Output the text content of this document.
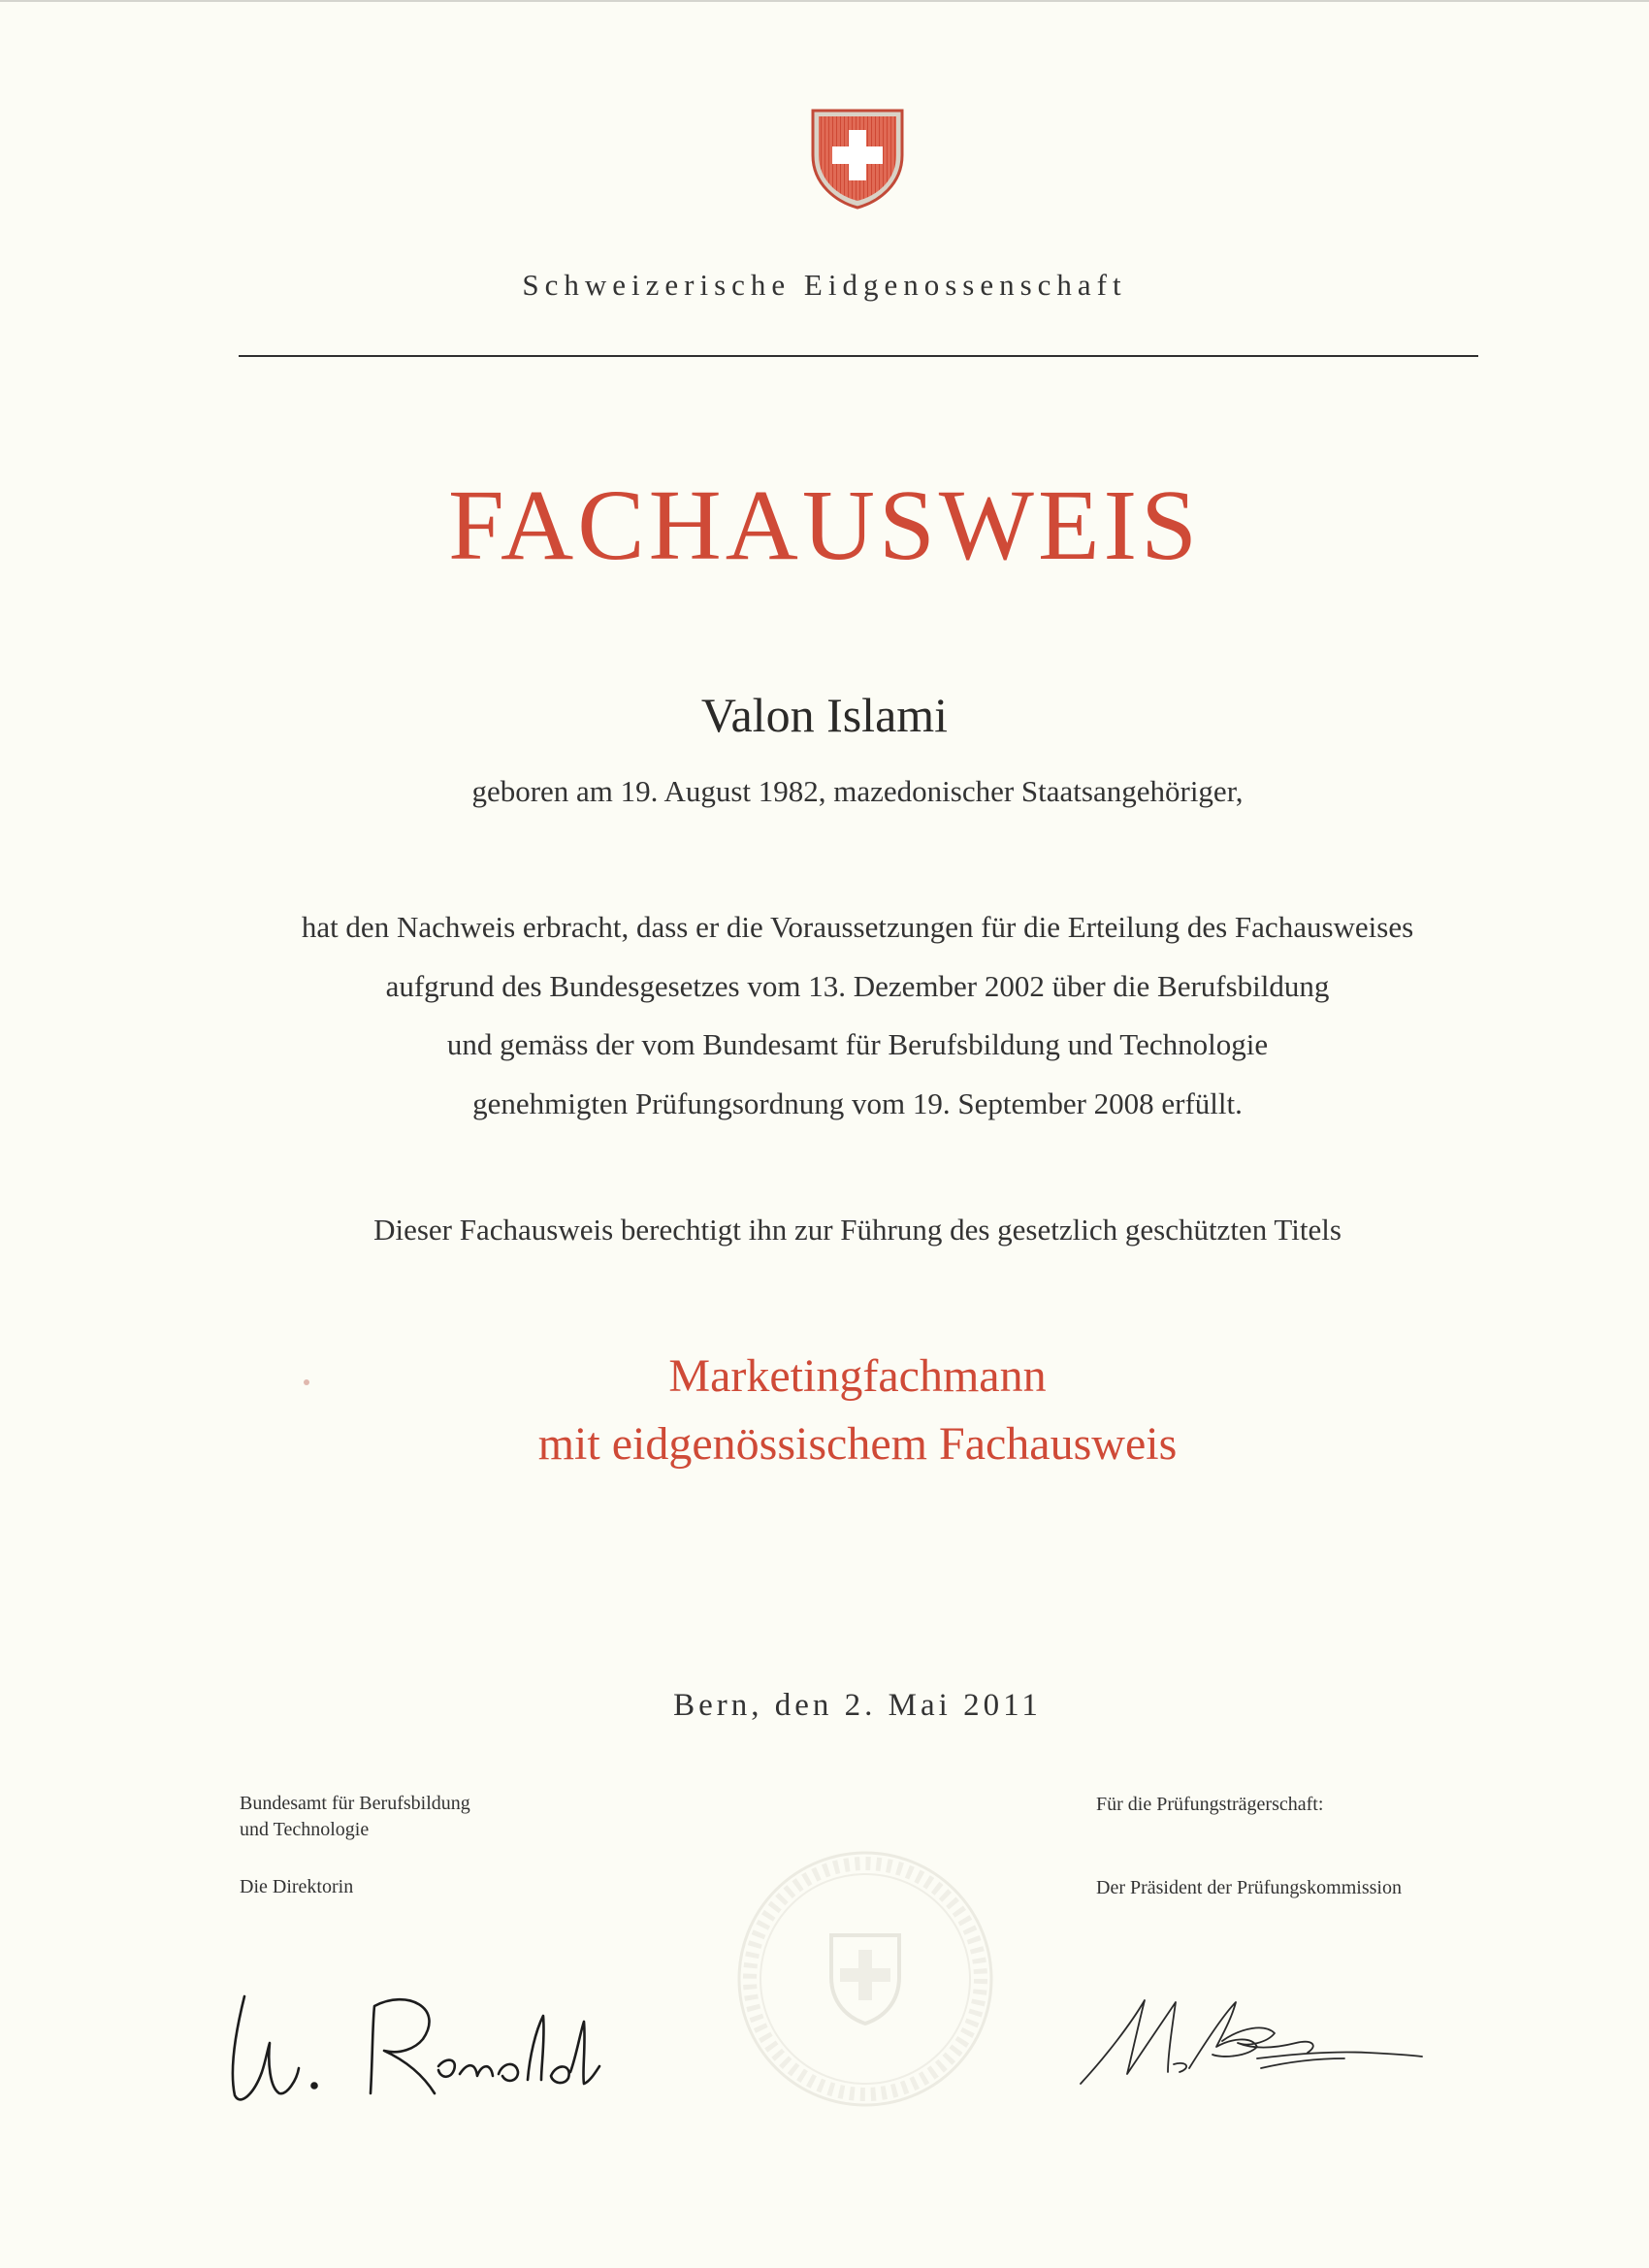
Schweizerische Eidgenossenschaft
FACHAUSWEIS
Valon Islami
geboren am 19. August 1982, mazedonischer Staatsangehöriger,
hat den Nachweis erbracht, dass er die Voraussetzungen für die Erteilung des Fachausweises
aufgrund des Bundesgesetzes vom 13. Dezember 2002 über die Berufsbildung
und gemäss der vom Bundesamt für Berufsbildung und Technologie
genehmigten Prüfungsordnung vom 19. September 2008 erfüllt.
Dieser Fachausweis berechtigt ihn zur Führung des gesetzlich geschützten Titels
Marketingfachmann
mit eidgenössischem Fachausweis
Bern, den 2. Mai 2011
Bundesamt für Berufsbildung
und Technologie
Die Direktorin
Für die Prüfungsträgerschaft:
Der Präsident der Prüfungskommission
